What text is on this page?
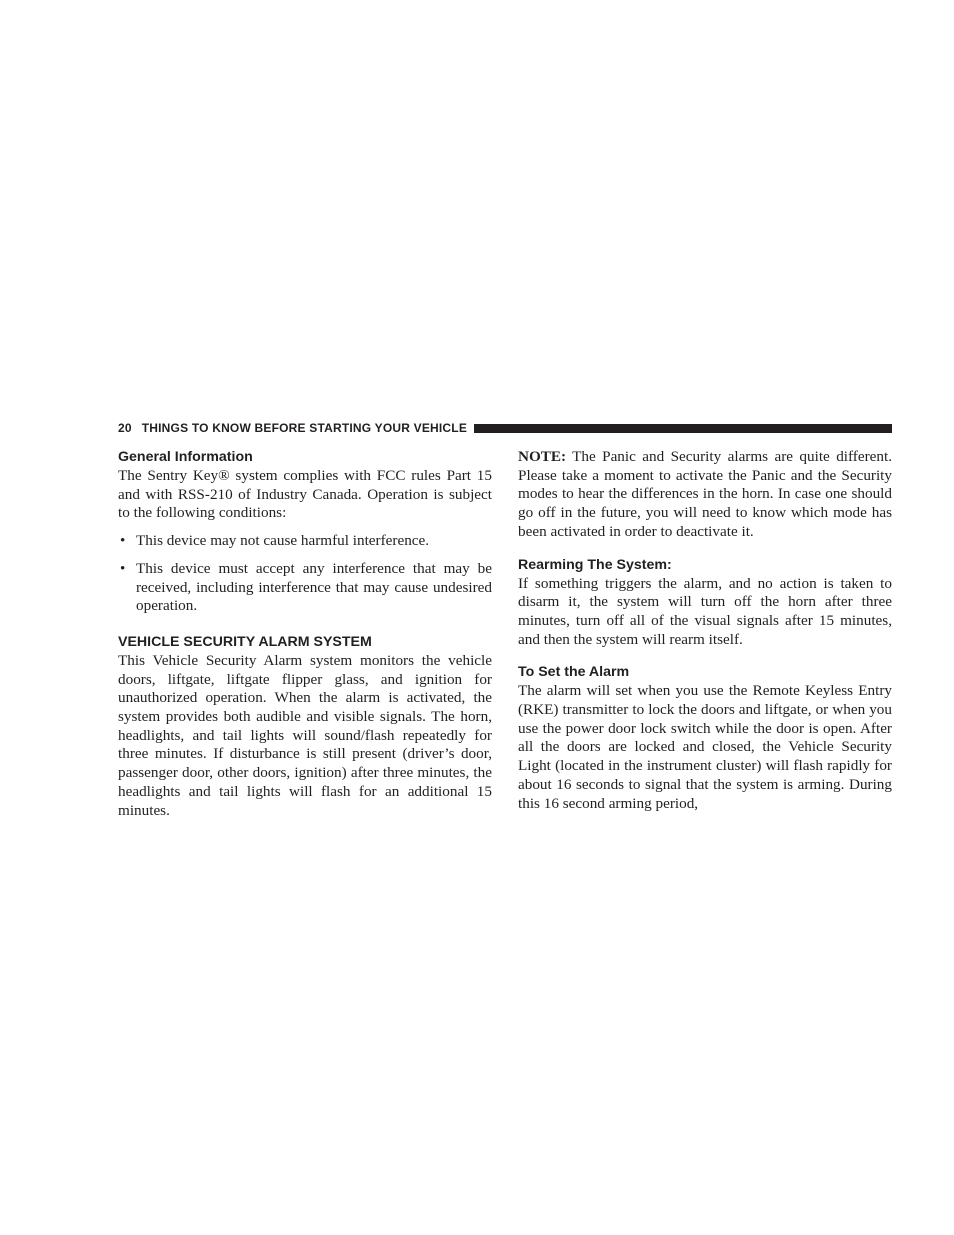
20 THINGS TO KNOW BEFORE STARTING YOUR VEHICLE
General Information

The Sentry Key® system complies with FCC rules Part 15 and with RSS-210 of Industry Canada. Operation is subject to the following conditions:

• This device may not cause harmful interference.
• This device must accept any interference that may be received, including interference that may cause undesired operation.
VEHICLE SECURITY ALARM SYSTEM

This Vehicle Security Alarm system monitors the vehicle doors, liftgate, liftgate flipper glass, and ignition for unauthorized operation. When the alarm is activated, the system provides both audible and visible signals. The horn, headlights, and tail lights will sound/flash repeatedly for three minutes. If disturbance is still present (driver’s door, passenger door, other doors, ignition) after three minutes, the headlights and tail lights will flash for an additional 15 minutes.

NOTE: The Panic and Security alarms are quite different. Please take a moment to activate the Panic and the Security modes to hear the differences in the horn. In case one should go off in the future, you will need to know which mode has been activated in order to deactivate it.

Rearming The System:

If something triggers the alarm, and no action is taken to disarm it, the system will turn off the horn after three minutes, turn off all of the visual signals after 15 minutes, and then the system will rearm itself.

To Set the Alarm

The alarm will set when you use the Remote Keyless Entry (RKE) transmitter to lock the doors and liftgate, or when you use the power door lock switch while the door is open. After all the doors are locked and closed, the Vehicle Security Light (located in the instrument cluster) will flash rapidly for about 16 seconds to signal that the system is arming. During this 16 second arming period,
